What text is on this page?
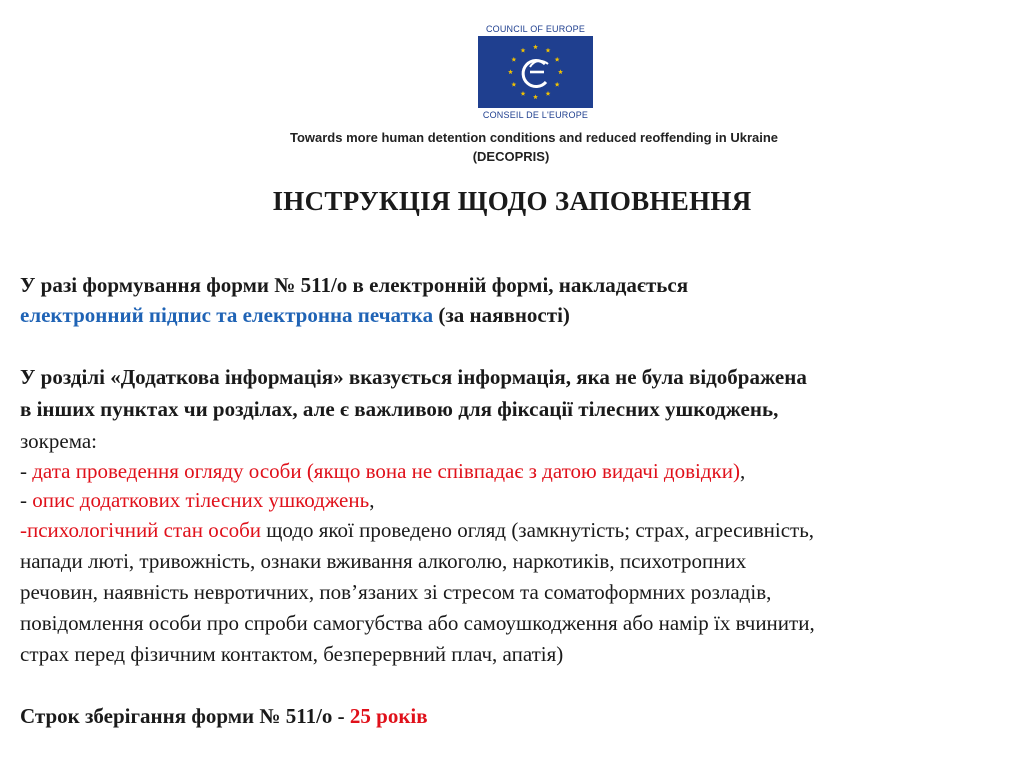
COUNCIL OF EUROPE
CONSEIL DE L'EUROPE
Towards more human detention conditions and reduced reoffending in Ukraine
(DECOPRIS)
ІНСТРУКЦІЯ ЩОДО ЗАПОВНЕННЯ
У разі формування форми № 511/о в електронній формі, накладається
електронний підпис та електронна печатка (за наявності)
У розділі «Додаткова інформація» вказується інформація, яка не була відображена
в інших пунктах чи розділах, але є важливою для фіксації тілесних ушкоджень,
зокрема:
- дата проведення огляду особи (якщо вона не співпадає з датою видачі довідки),
- опис додаткових тілесних ушкоджень,
-психологічний стан особи щодо якої проведено огляд (замкнутість; страх, агресивність,
напади люті, тривожність, ознаки вживання алкоголю, наркотиків, психотропних
речовин, наявність невротичних, пов’язаних зі стресом та соматоформних розладів,
повідомлення особи про спроби самогубства або самоушкодження або намір їх вчинити,
страх перед фізичним контактом, безперервний плач, апатія)
Строк зберігання форми № 511/о - 25 років
